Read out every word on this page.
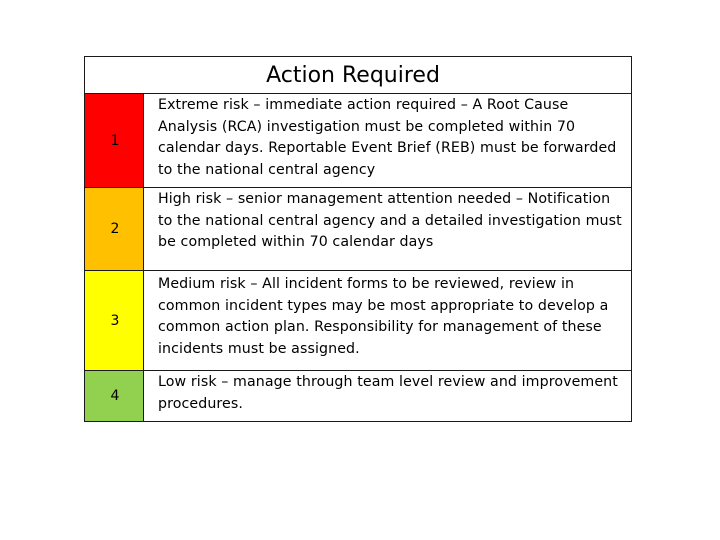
Action Required
1
Extreme risk – immediate action required – A Root Cause Analysis (RCA) investigation must be completed within 70 calendar days. Reportable Event Brief (REB) must be forwarded to the national central agency
2
High risk – senior management attention needed – Notification to the national central agency and a detailed investigation must be completed within 70 calendar days
3
Medium risk – All incident forms to be reviewed, review in common incident types may be most appropriate to develop a common action plan. Responsibility for management of these incidents must be assigned.
4
Low risk – manage through team level review and improvement procedures.
